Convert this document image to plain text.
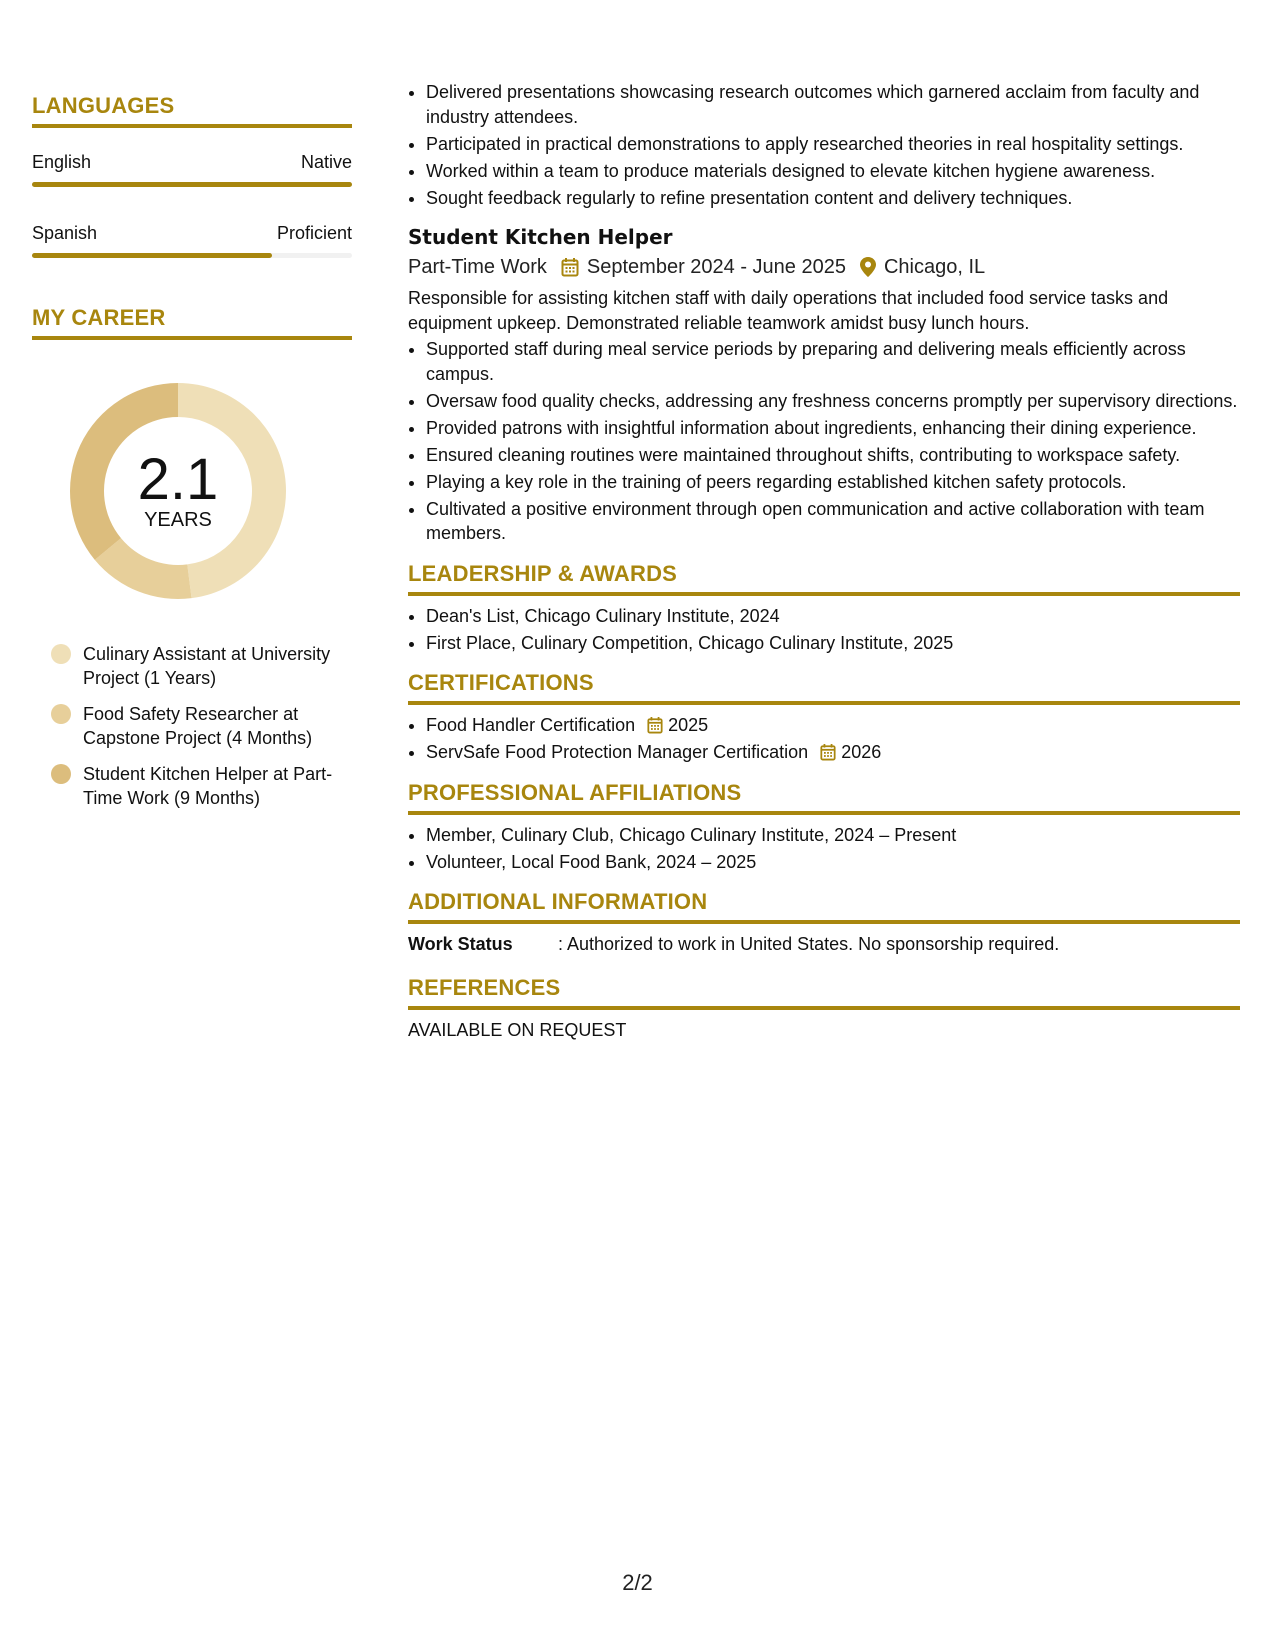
LANGUAGES
English	Native
Spanish	Proficient
MY CAREER
2.1
YEARS
Culinary Assistant at University Project (1 Years)
Food Safety Researcher at Capstone Project (4 Months)
Student Kitchen Helper at Part-Time Work (9 Months)
• Delivered presentations showcasing research outcomes which garnered acclaim from faculty and industry attendees.
• Participated in practical demonstrations to apply researched theories in real hospitality settings.
• Worked within a team to produce materials designed to elevate kitchen hygiene awareness.
• Sought feedback regularly to refine presentation content and delivery techniques.
Student Kitchen Helper
Part-Time Work September 2024 - June 2025 Chicago, IL
Responsible for assisting kitchen staff with daily operations that included food service tasks and equipment upkeep. Demonstrated reliable teamwork amidst busy lunch hours.
• Supported staff during meal service periods by preparing and delivering meals efficiently across campus.
• Oversaw food quality checks, addressing any freshness concerns promptly per supervisory directions.
• Provided patrons with insightful information about ingredients, enhancing their dining experience.
• Ensured cleaning routines were maintained throughout shifts, contributing to workspace safety.
• Playing a key role in the training of peers regarding established kitchen safety protocols.
• Cultivated a positive environment through open communication and active collaboration with team members.
LEADERSHIP & AWARDS
• Dean's List, Chicago Culinary Institute, 2024
• First Place, Culinary Competition, Chicago Culinary Institute, 2025
CERTIFICATIONS
• Food Handler Certification 2025
• ServSafe Food Protection Manager Certification 2026
PROFESSIONAL AFFILIATIONS
• Member, Culinary Club, Chicago Culinary Institute, 2024 – Present
• Volunteer, Local Food Bank, 2024 – 2025
ADDITIONAL INFORMATION
Work Status	: Authorized to work in United States. No sponsorship required.
REFERENCES
AVAILABLE ON REQUEST
2/2
